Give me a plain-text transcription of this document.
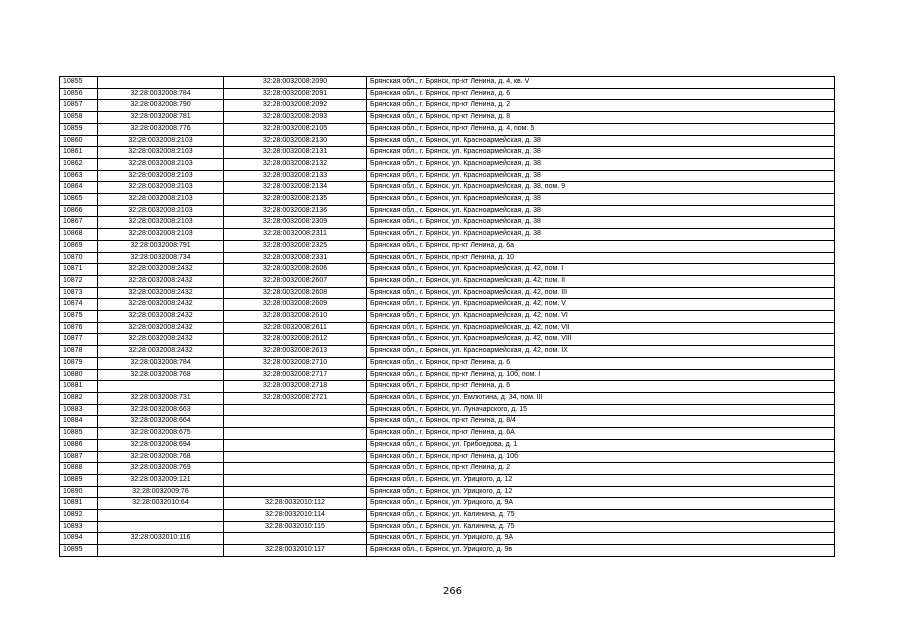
10855		32:28:0032008:2090	Брянская обл., г. Брянск, пр-кт Ленина, д. 4, кв. V
10856	32:28:0032008:784	32:28:0032008:2091	Брянская обл., г. Брянск, пр-кт Ленина, д. 6
10857	32:28:0032008:790	32:28:0032008:2092	Брянская обл., г. Брянск, пр-кт Ленина, д. 2
10858	32:28:0032008:781	32:28:0032008:2093	Брянская обл., г. Брянск, пр-кт Ленина, д. 8
10859	32:28:0032008:776	32:28:0032008:2105	Брянская обл., г. Брянск, пр-кт Ленина, д. 4, пом. 5
10860	32:28:0032008:2103	32:28:0032008:2130	Брянская обл., г. Брянск, ул. Красноармейская, д. 38
10861	32:28:0032008:2103	32:28:0032008:2131	Брянская обл., г. Брянск, ул. Красноармейская, д. 38
10862	32:28:0032008:2103	32:28:0032008:2132	Брянская обл., г. Брянск, ул. Красноармейская, д. 38
10863	32:28:0032008:2103	32:28:0032008:2133	Брянская обл., г. Брянск, ул. Красноармейская, д. 38
10864	32:28:0032008:2103	32:28:0032008:2134	Брянская обл., г. Брянск, ул. Красноармейская, д. 38, пом. 9
10865	32:28:0032008:2103	32:28:0032008:2135	Брянская обл., г. Брянск, ул. Красноармейская, д. 38
10866	32:28:0032008:2103	32:28:0032008:2136	Брянская обл., г. Брянск, ул. Красноармейская, д. 38
10867	32:28:0032008:2103	32:28:0032008:2309	Брянская обл., г. Брянск, ул. Красноармейская, д. 38
10868	32:28:0032008:2103	32:28:0032008:2311	Брянская обл., г. Брянск, ул. Красноармейская, д. 38
10869	32:28:0032008:791	32:28:0032008:2325	Брянская обл., г. Брянск, пр-кт Ленина, д. 6а
10870	32:28:0032008:734	32:28:0032008:2331	Брянская обл., г. Брянск, пр-кт Ленина, д. 10
10871	32:28:0032008:2432	32:28:0032008:2606	Брянская обл., г. Брянск, ул. Красноармейская, д. 42, пом. I
10872	32:28:0032008:2432	32:28:0032008:2607	Брянская обл., г. Брянск, ул. Красноармейская, д. 42, пом. II
10873	32:28:0032008:2432	32:28:0032008:2608	Брянская обл., г. Брянск, ул. Красноармейская, д. 42, пом. III
10874	32:28:0032008:2432	32:28:0032008:2609	Брянская обл., г. Брянск, ул. Красноармейская, д. 42, пом. V
10875	32:28:0032008:2432	32:28:0032008:2610	Брянская обл., г. Брянск, ул. Красноармейская, д. 42, пом. VI
10876	32:28:0032008:2432	32:28:0032008:2611	Брянская обл., г. Брянск, ул. Красноармейская, д. 42, пом. VII
10877	32:28:0032008:2432	32:28:0032008:2612	Брянская обл., г. Брянск, ул. Красноармейская, д. 42, пом. VIII
10878	32:28:0032008:2432	32:28:0032008:2613	Брянская обл., г. Брянск, ул. Красноармейская, д. 42, пом. IX
10879	32:28:0032008:784	32:28:0032008:2710	Брянская обл., г. Брянск, пр-кт Ленина, д. 6
10880	32:28:0032008:768	32:28:0032008:2717	Брянская обл., г. Брянск, пр-кт Ленина, д. 10б, пом. I
10881		32:28:0032008:2718	Брянская обл., г. Брянск, пр-кт Ленина, д. 6
10882	32:28:0032008:731	32:28:0032008:2721	Брянская обл., г. Брянск, ул. Емлютина, д. 34, пом. III
10883	32:28:0032008:663		Брянская обл., г. Брянск, ул. Луначарского, д. 15
10884	32:28:0032008:664		Брянская обл., г. Брянск, пр-кт Ленина, д. 8/4
10885	32:28:0032008:675		Брянская обл., г. Брянск, пр-кт Ленина, д. 6А
10886	32:28:0032008:694		Брянская обл., г. Брянск, ул. Грибоедова, д. 1
10887	32:28:0032008:768		Брянская обл., г. Брянск, пр-кт Ленина, д. 10б
10888	32:28:0032008:769		Брянская обл., г. Брянск, пр-кт Ленина, д. 2
10889	32:28:0032009:121		Брянская обл., г. Брянск, ул. Урицкого, д. 12
10890	32:28:0032009:76		Брянская обл., г. Брянск, ул. Урицкого, д. 12
10891	32:28:0032010:64	32:28:0032010:112	Брянская обл., г. Брянск, ул. Урицкого, д. 9А
10892		32:28:0032010:114	Брянская обл., г. Брянск, ул. Калинина, д. 75
10893		32:28:0032010:115	Брянская обл., г. Брянск, ул. Калинина, д. 75
10894	32:28:0032010:116		Брянская обл., г. Брянск, ул. Урицкого, д. 9А
10895		32:28:0032010:117	Брянская обл., г. Брянск, ул. Урицкого, д. 9в
266
